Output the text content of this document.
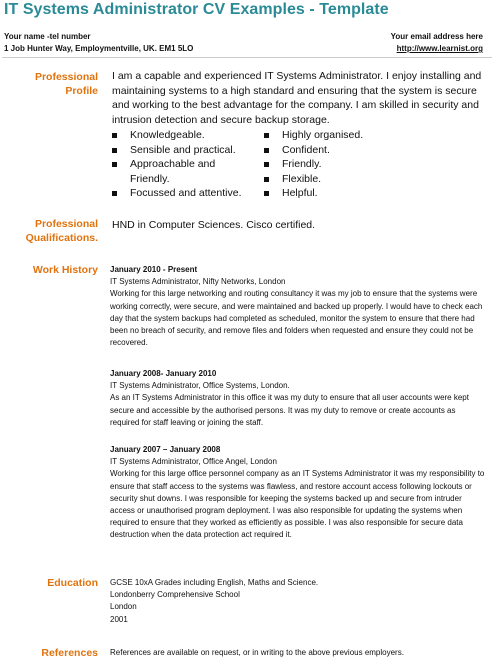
IT Systems Administrator CV Examples - Template
Your name -tel number
1 Job Hunter Way, Employmentville, UK. EM1 5LO
Your email address here
http://www.learnist.org
Professional Profile

I am a capable and experienced IT Systems Administrator. I enjoy installing and maintaining systems to a high standard and ensuring that the system is secure and working to the best advantage for the company. I am skilled in security and intrusion detection and secure backup storage.

Knowledgeable.
Sensible and practical.
Approachable and Friendly.
Focussed and attentive.
Highly organised.
Confident.
Friendly.
Flexible.
Helpful.
Professional
Qualifications.

HND in Computer Sciences. Cisco certified.

Work History January 2010 - Present
IT Systems Administrator, Nifty Networks, London
Working for this large networking and routing consultancy it was my job to ensure that the systems were working correctly, were secure, and were maintained and backed up properly. I would have to check each day that the system backups had completed as scheduled, monitor the system to ensure that there had been no breach of security, and remove files and folders when requested and ensure they could not be recovered.
January 2008- January 2010
IT Systems Administrator, Office Systems, London.
As an IT Systems Administrator in this office it was my duty to ensure that all user accounts were kept secure and accessible by the authorised persons. It was my duty to remove or create accounts as required for staff leaving or joining the staff.
January 2007 – January 2008
IT Systems Administrator, Office Angel, London
Working for this large office personnel company as an IT Systems Administrator it was my responsibility to ensure that staff access to the systems was flawless, and restore account access following lockouts or security shut downs. I was responsible for keeping the systems backed up and secure from intruder access or unauthorised program deployment. I was also responsible for updating the systems when required to ensure that they worked as efficiently as possible. I was also responsible for secure data destruction when the data protection act required it.
Education GCSE 10xA Grades including English, Maths and Science.
Londonberry Comprehensive School
London
2001
References References are available on request, or in writing to the above previous employers.
